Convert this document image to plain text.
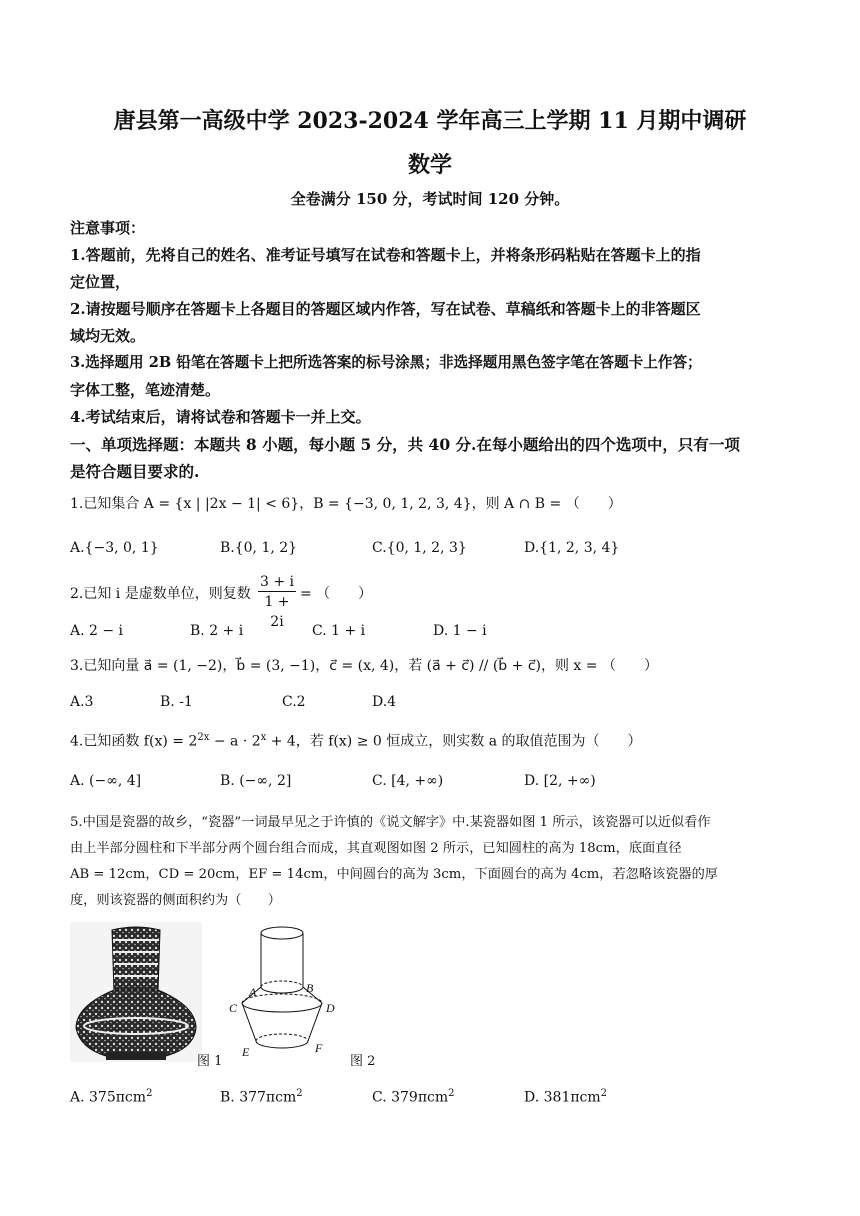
唐县第一高级中学 2023-2024 学年高三上学期 11 月期中调研
数学
全卷满分 150 分，考试时间 120 分钟。
注意事项：
1.答题前，先将自己的姓名、准考证号填写在试卷和答题卡上，并将条形码粘贴在答题卡上的指
定位置，
2.请按题号顺序在答题卡上各题目的答题区域内作答，写在试卷、草稿纸和答题卡上的非答题区
域均无效。
3.选择题用 2B 铅笔在答题卡上把所选答案的标号涂黑；非选择题用黑色签字笔在答题卡上作答；
字体工整，笔迹清楚。
4.考试结束后，请将试卷和答题卡一并上交。
一、单项选择题：本题共 8 小题，每小题 5 分，共 40 分.在每小题给出的四个选项中，只有一项
是符合题目要求的.
1.已知集合 A = {x | |2x − 1| < 6}，B = {−3, 0, 1, 2, 3, 4}，则 A ∩ B = （　　）
A.{−3, 0, 1}	B.{0, 1, 2}	C.{0, 1, 2, 3}	D.{1, 2, 3, 4}
2.已知 i 是虚数单位，则复数 $\frac{3 + i}{1 + 2i}$ = （　　）
A. 2 − i	B. 2 + i	C. 1 + i	D. 1 − i
3.已知向量 a⃗ = (1, −2)，b⃗ = (3, −1)，c⃗ = (x, 4)，若 (a⃗ + c⃗) // (b⃗ + c⃗)，则 x = （　　）
A.3	B. -1	C.2	D.4
4.已知函数 $f(x) = 2^{2x} - a \cdot 2^x + 4$，若 f(x) ≥ 0 恒成立，则实数 a 的取值范围为（　　）
A. (−∞, 4]	B. (−∞, 2]	C. [4, +∞)	D. [2, +∞)
5.中国是瓷器的故乡，“瓷器”一词最早见之于许慎的《说文解字》中.某瓷器如图 1 所示，该瓷器可以近似看作
由上半部分圆柱和下半部分两个圆台组合而成，其直观图如图 2 所示，已知圆柱的高为 18cm，底面直径
AB = 12cm，CD = 20cm，EF = 14cm，中间圆台的高为 3cm，下面圆台的高为 4cm，若忽略该瓷器的厚
度，则该瓷器的侧面积约为（　　）
图 1
A	B
C	D
E	F
图 2
A. 375πcm$^2$	B. 377πcm$^2$	C. 379πcm$^2$	D. 381πcm$^2$
